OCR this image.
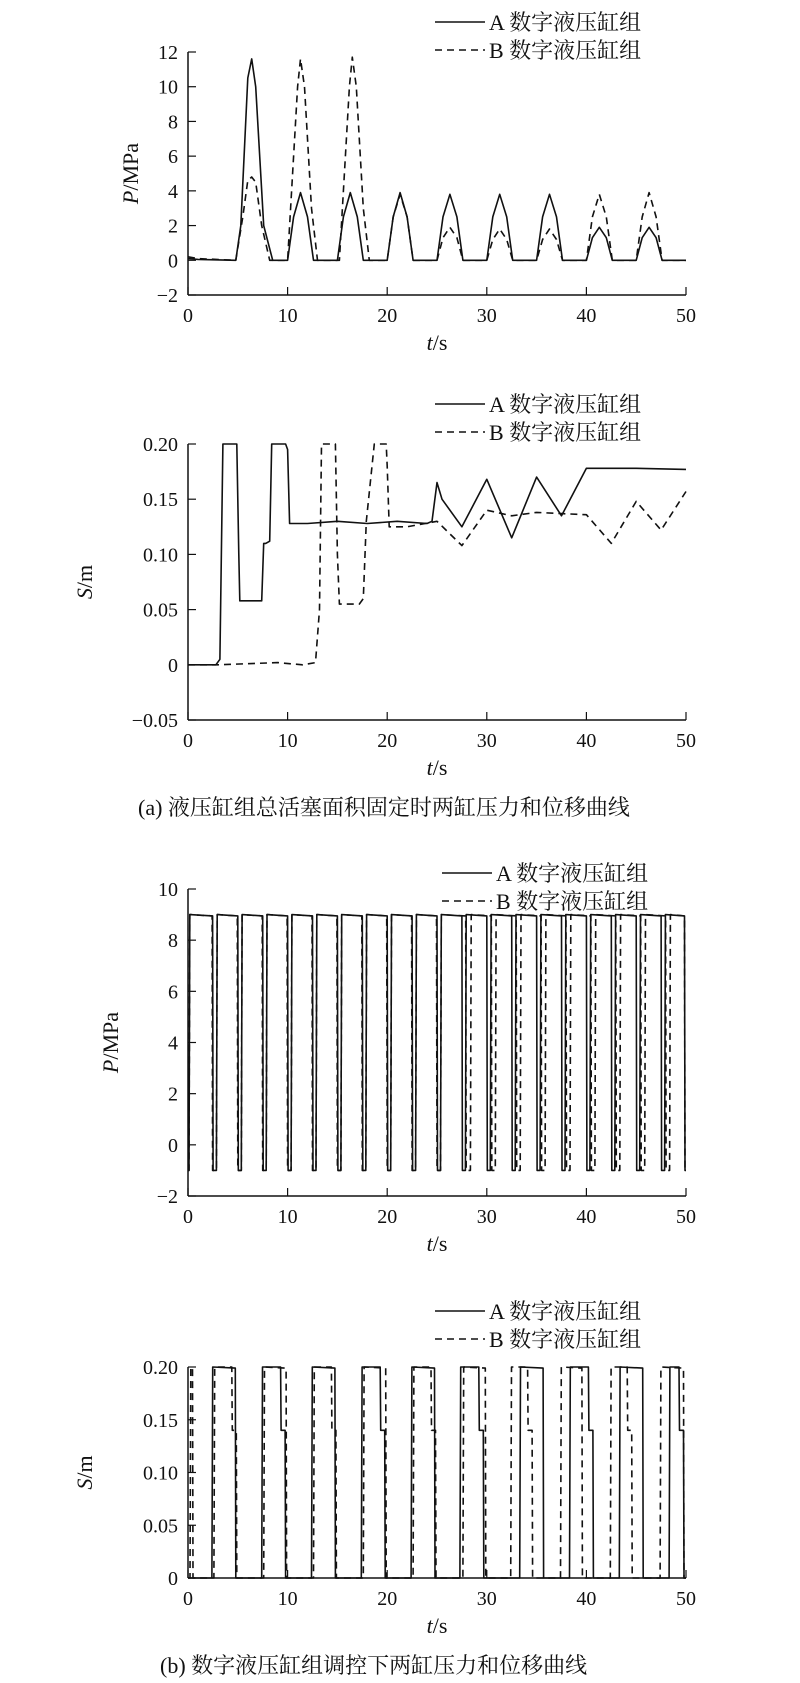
0	10	20	30	40	50
−2
0
2
4
6
8
10
12
t/s
P/MPa
A 数字液压缸组
B 数字液压缸组
0	10	20	30	40	50
−0.05
0
0.05
0.10
0.15
0.20
t/s
S/m
A 数字液压缸组
B 数字液压缸组
(a) 液压缸组总活塞面积固定时两缸压力和位移曲线
0	10	20	30	40	50
−2
0
2
4
6
8
10
t/s
P/MPa
A 数字液压缸组
B 数字液压缸组
0	10	20	30	40	50
0
0.05
0.10
0.15
0.20
t/s
S/m
A 数字液压缸组
B 数字液压缸组
(b) 数字液压缸组调控下两缸压力和位移曲线
